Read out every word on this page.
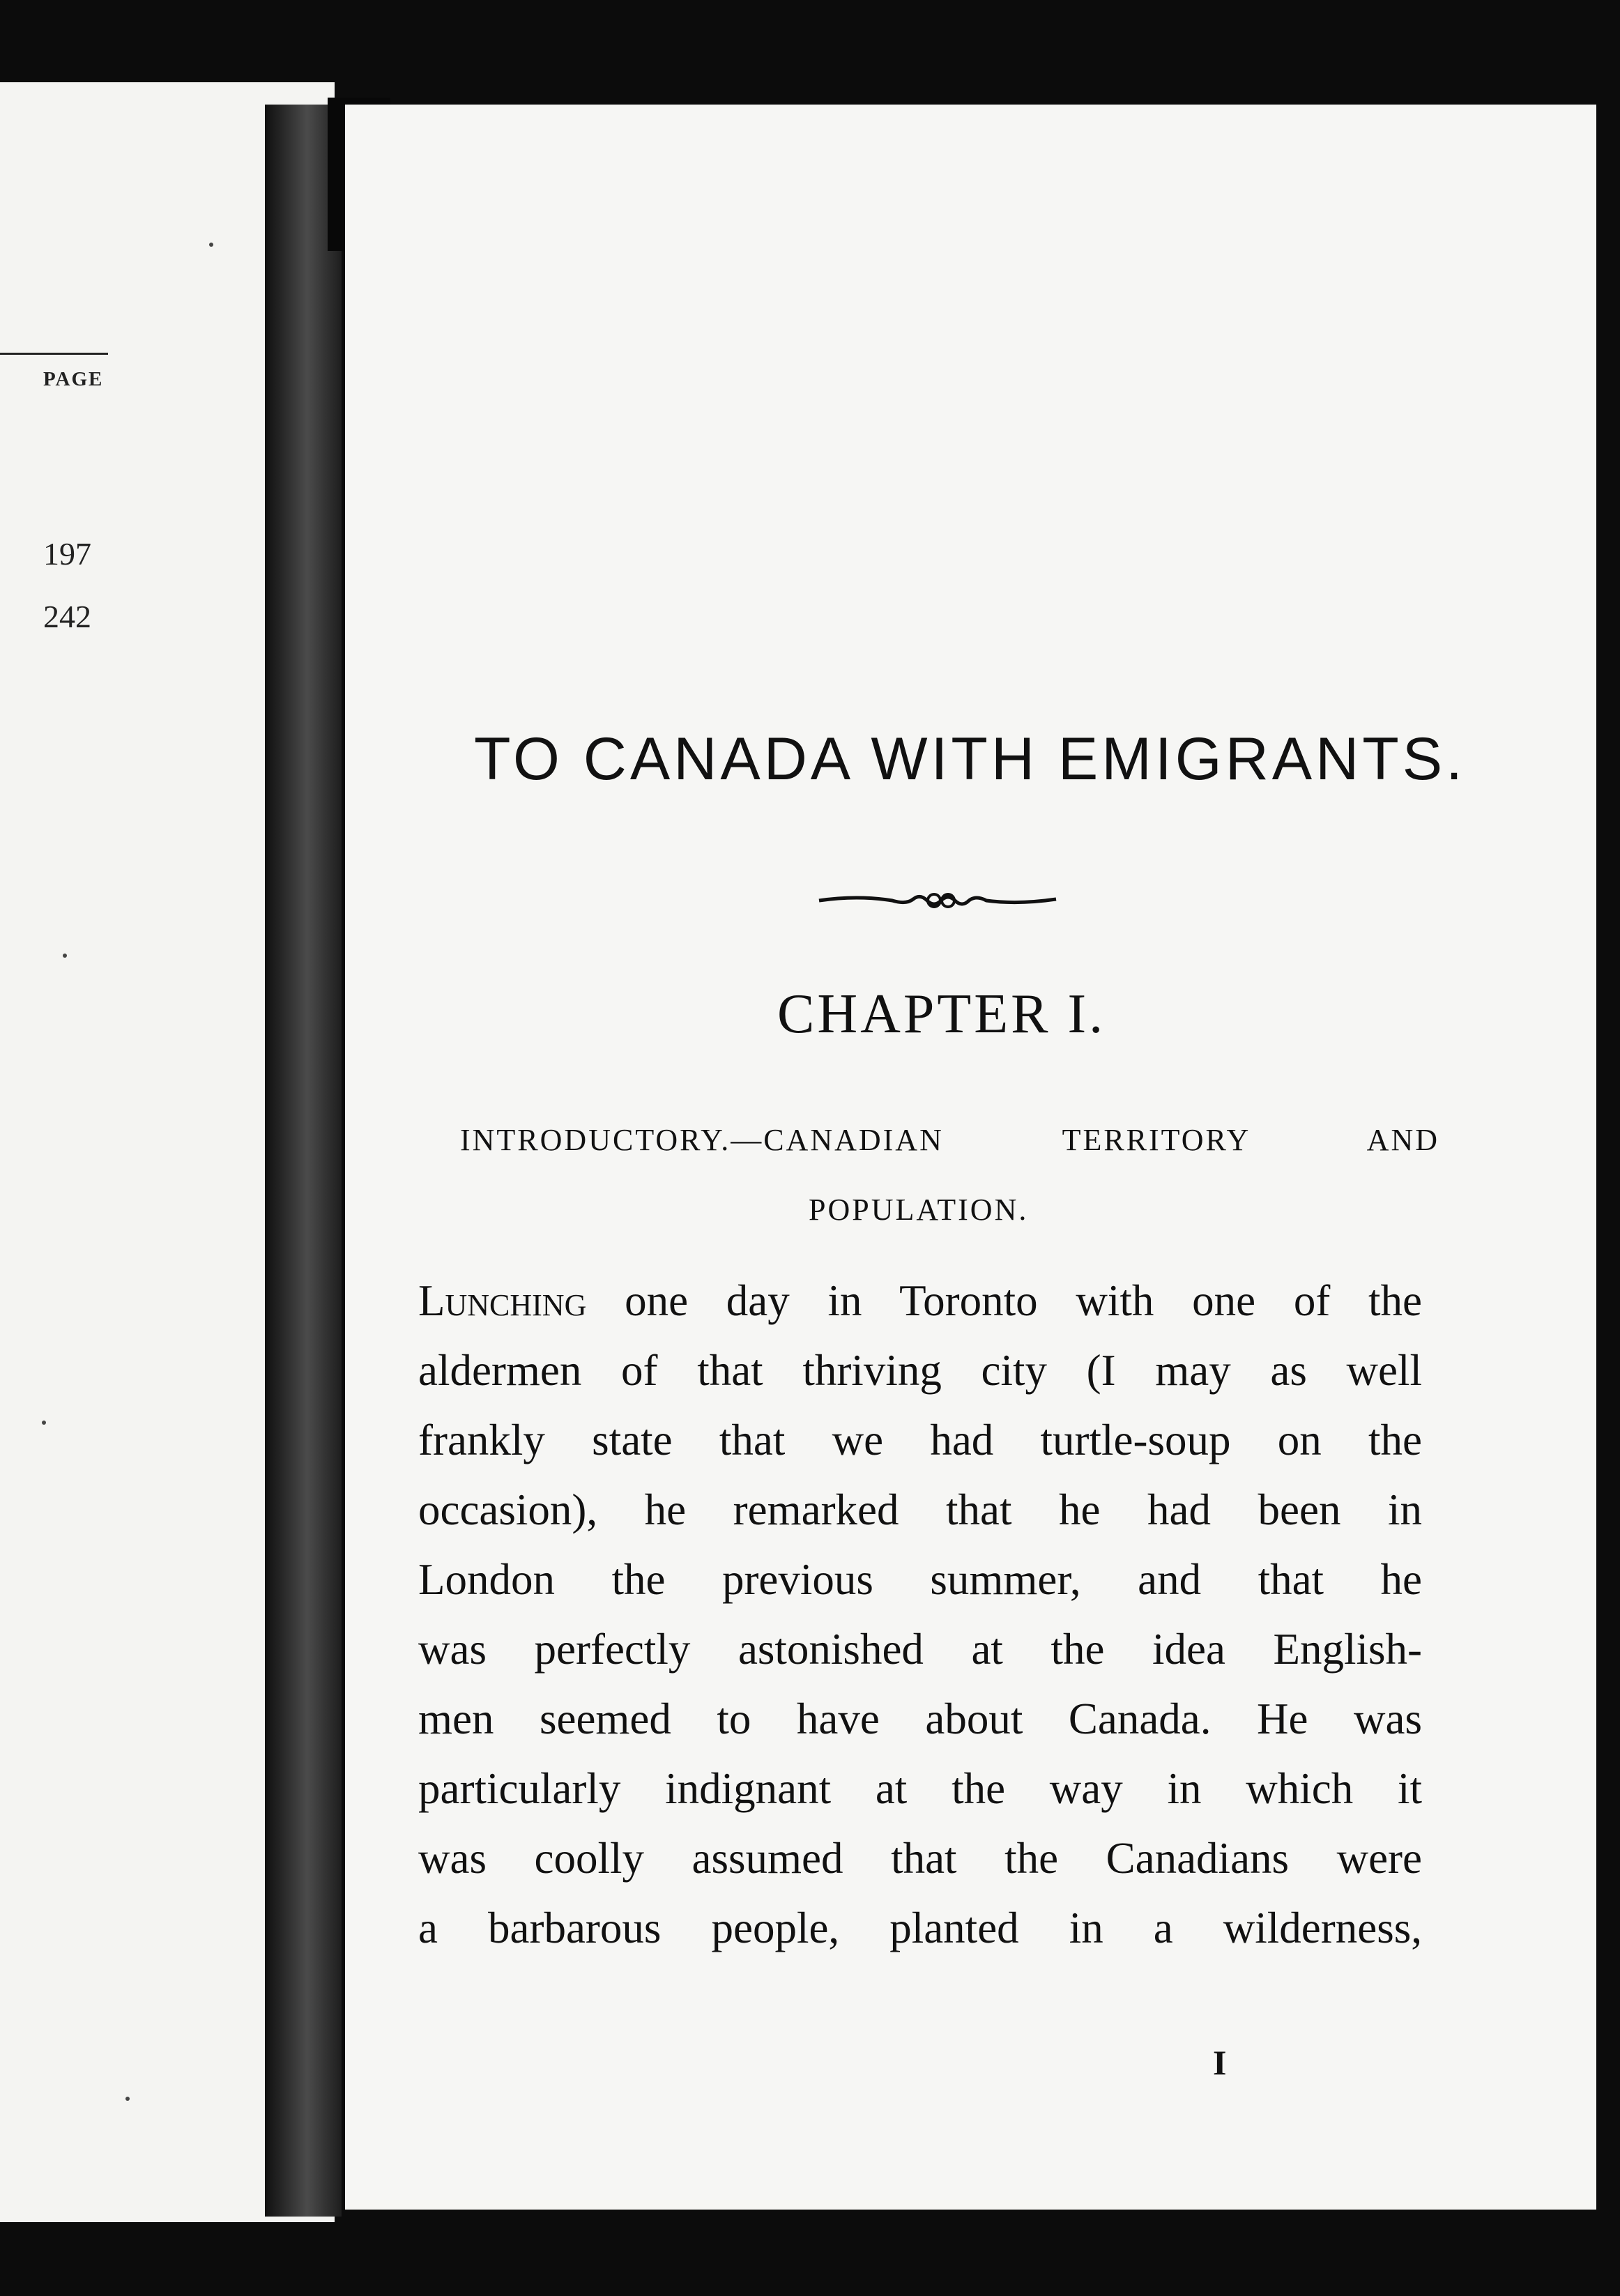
PAGE
197
242
TO CANADA WITH EMIGRANTS.
CHAPTER I.
INTRODUCTORY.—CANADIAN TERRITORY AND
POPULATION.
Lunching one day in Toronto with one of the
aldermen of that thriving city (I may as well
frankly state that we had turtle-soup on the
occasion), he remarked that he had been in
London the previous summer, and that he
was perfectly astonished at the idea English-
men seemed to have about Canada. He was
particularly indignant at the way in which it
was coolly assumed that the Canadians were
a barbarous people, planted in a wilderness,
I
